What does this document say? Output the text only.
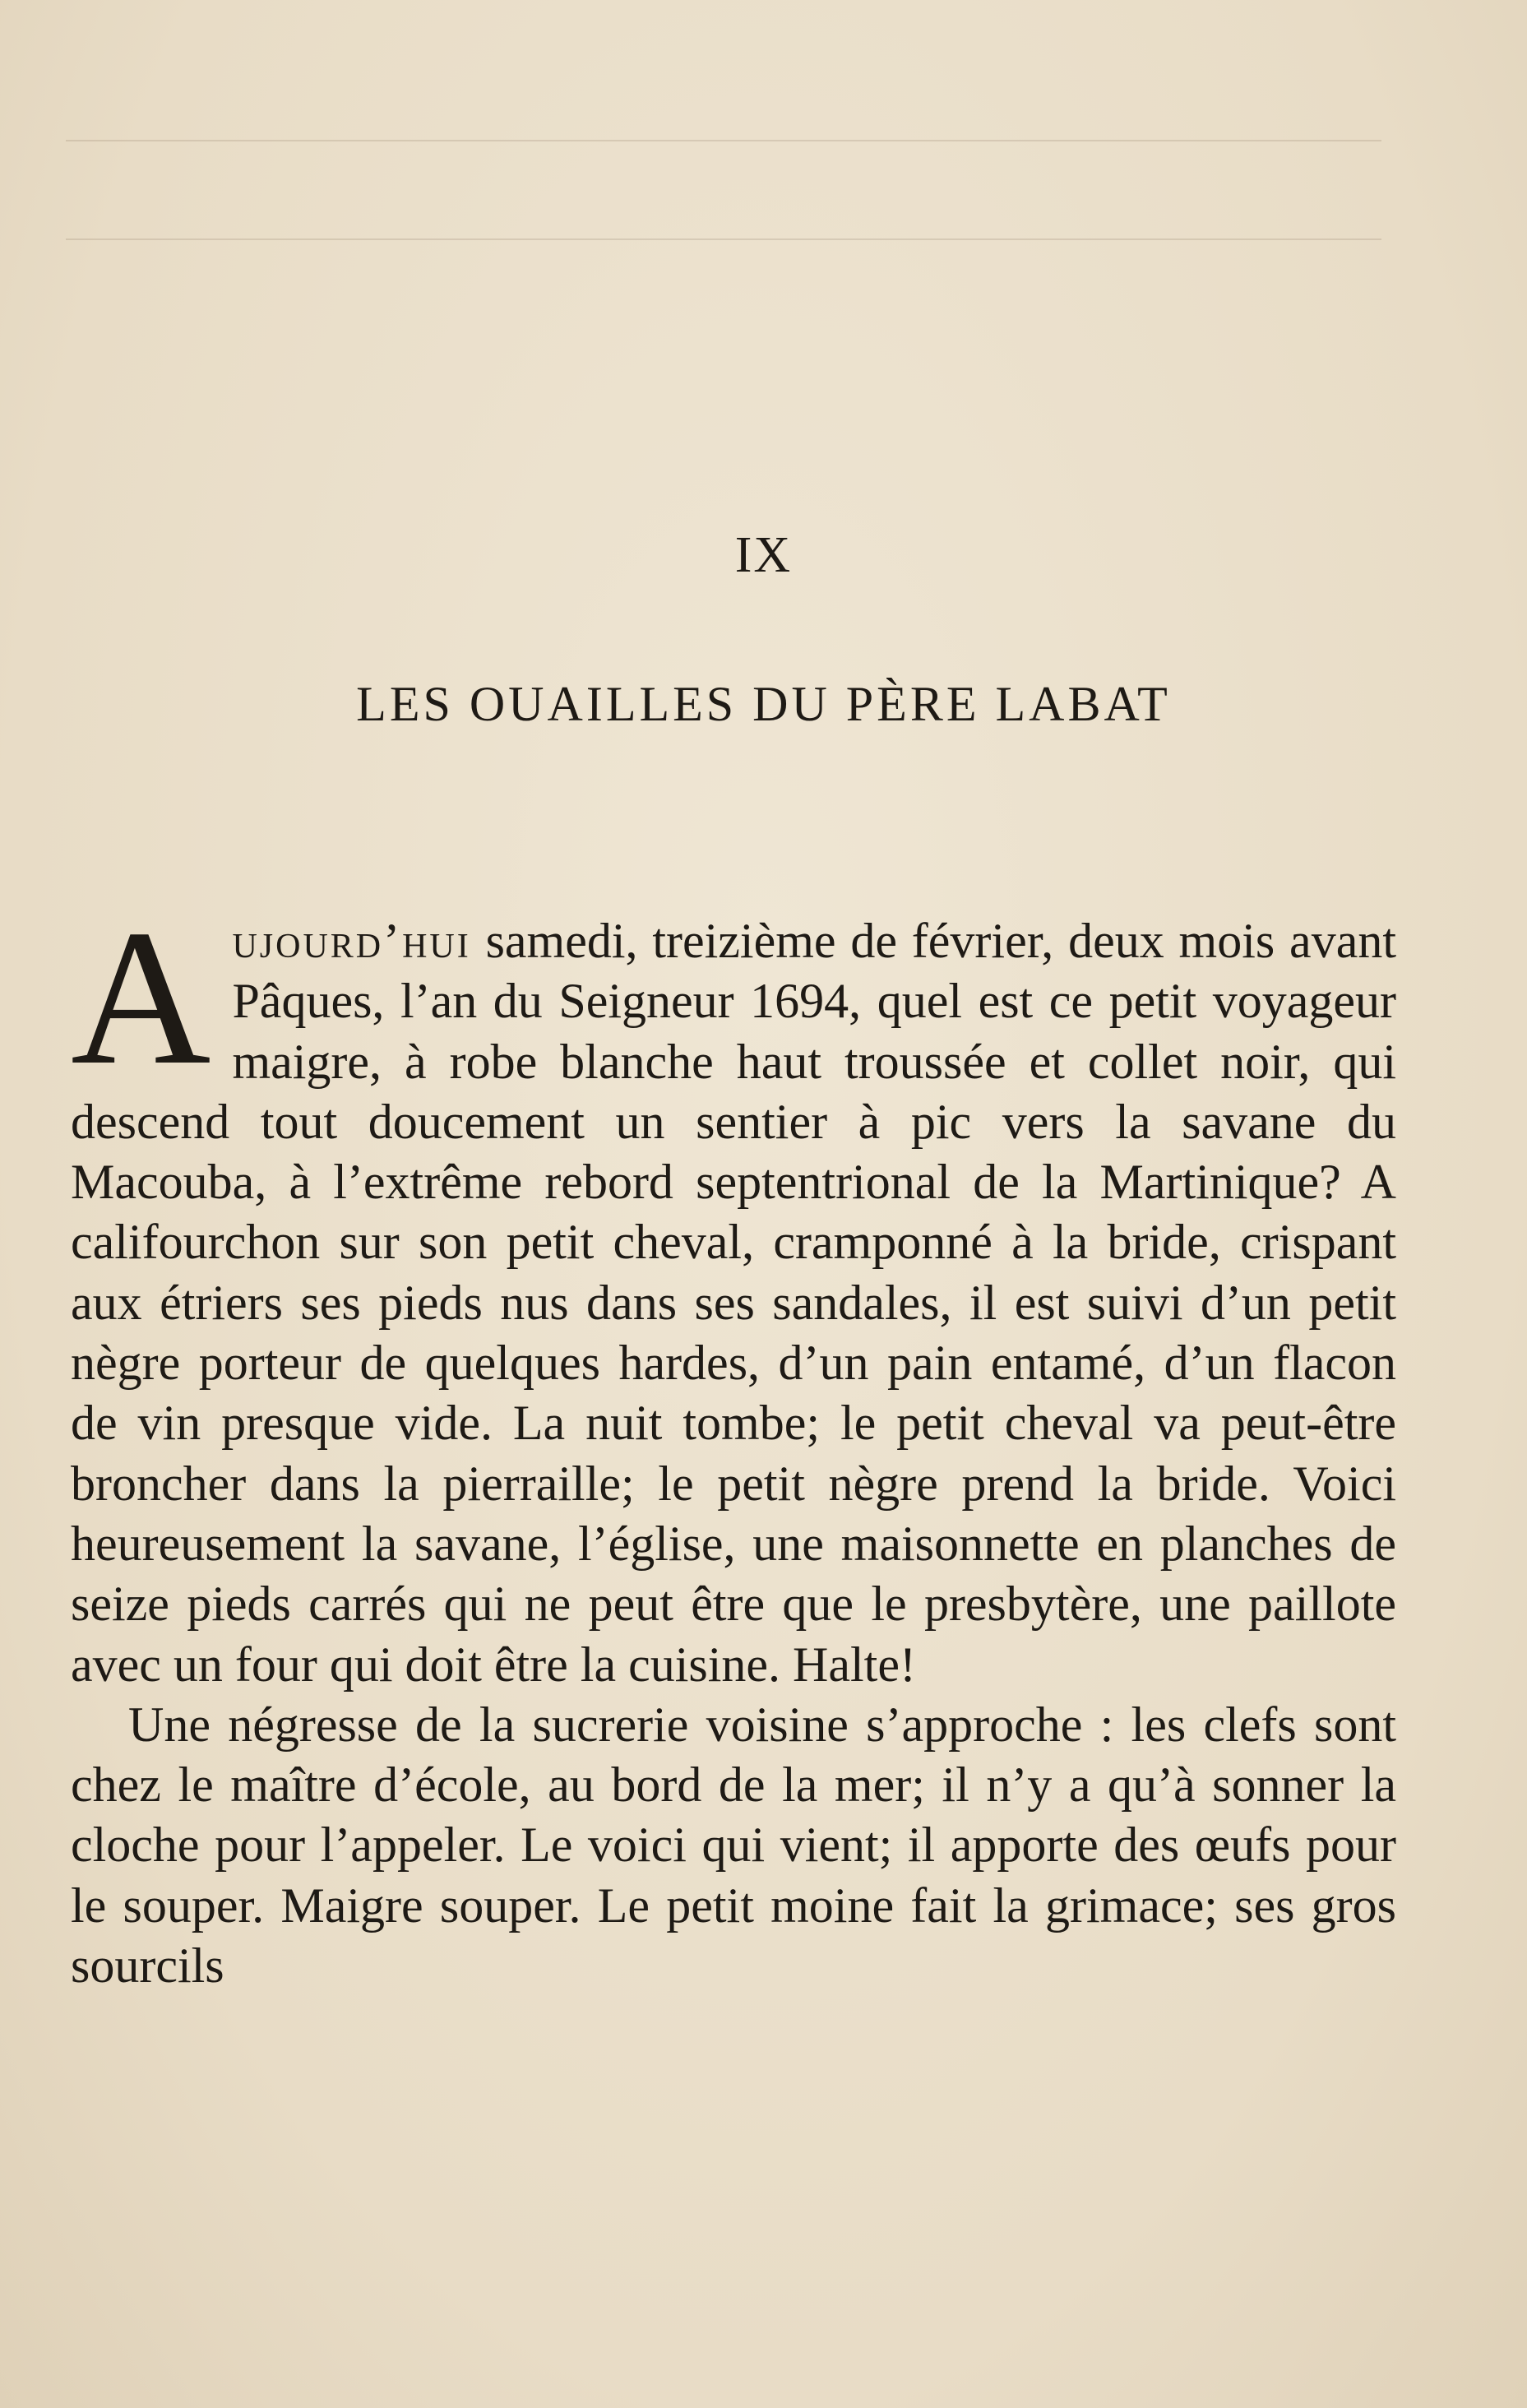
IX
LES OUAILLES DU PÈRE LABAT

Aujourd’hui samedi, treizième de février, deux mois avant Pâques, l’an du Seigneur 1694, quel est ce petit voyageur maigre, à robe blanche haut troussée et collet noir, qui descend tout doucement un sentier à pic vers la savane du Macouba, à l’extrême rebord septentrional de la Martinique? A califourchon sur son petit cheval, cramponné à la bride, crispant aux étriers ses pieds nus dans ses sandales, il est suivi d’un petit nègre porteur de quelques hardes, d’un pain entamé, d’un flacon de vin presque vide. La nuit tombe; le petit cheval va peut-être broncher dans la pierraille; le petit nègre prend la bride. Voici heureusement la savane, l’église, une maisonnette en planches de seize pieds carrés qui ne peut être que le presbytère, une paillote avec un four qui doit être la cuisine. Halte!

Une négresse de la sucrerie voisine s’approche : les clefs sont chez le maître d’école, au bord de la mer; il n’y a qu’à sonner la cloche pour l’appeler. Le voici qui vient; il apporte des œufs pour le souper. Maigre souper. Le petit moine fait la grimace; ses gros sourcils
